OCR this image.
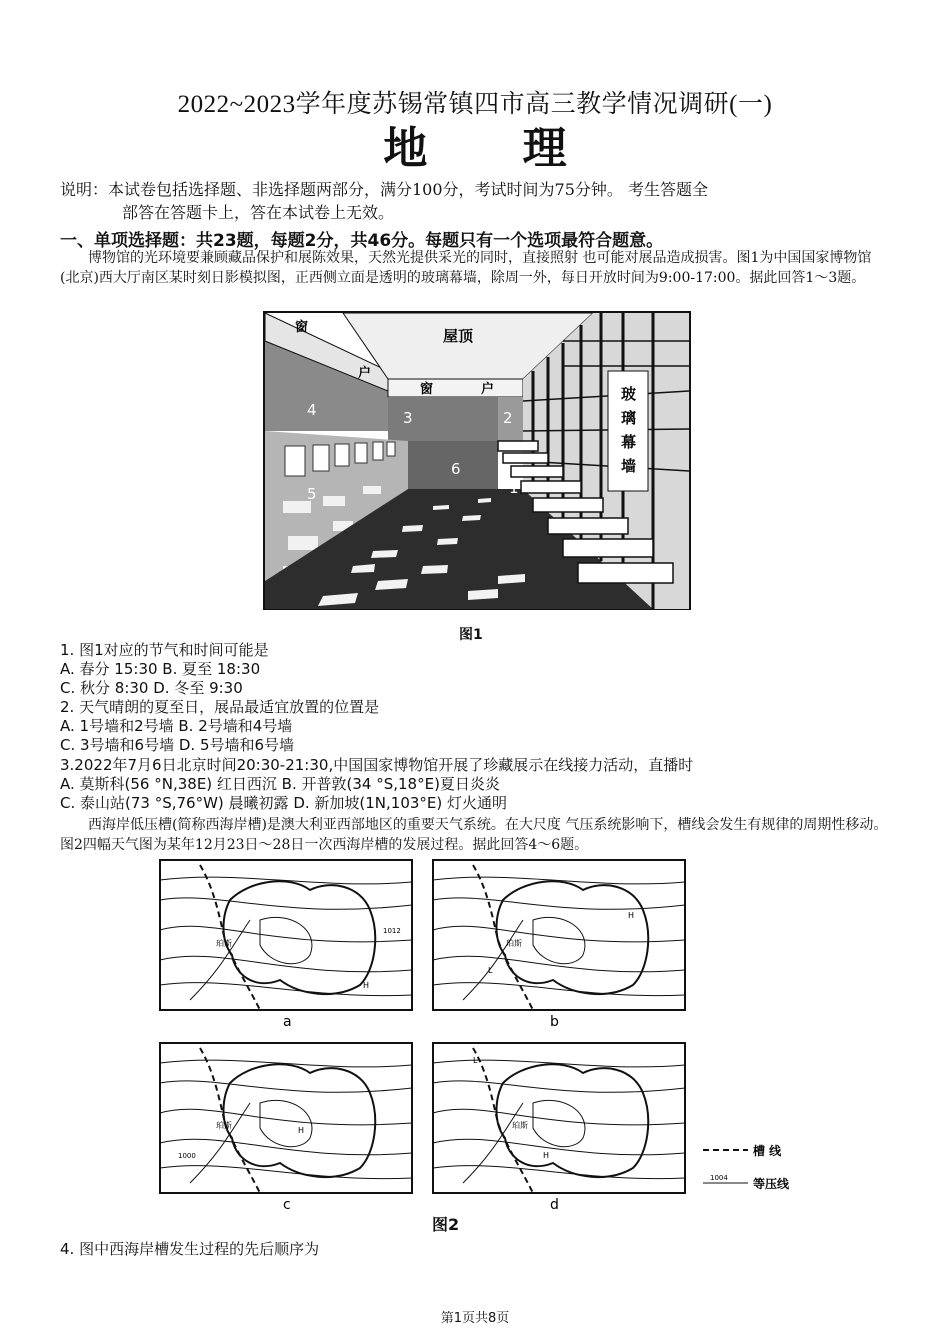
2022~2023学年度苏锡常镇四市高三教学情况调研(一)
地 理
说明：本试卷包括选择题、非选择题两部分，满分100分，考试时间为75分钟。 考生答题全
部答在答题卡上，答在本试卷上无效。
一、单项选择题：共23题，每题2分，共46分。每题只有一个选项最符合题意。
博物馆的光环境要兼顾藏品保护和展陈效果，天然光提供采光的同时，直接照射 也可能对展品造成损害。图1为中国国家博物馆(北京)西大厅南区某时刻日影模拟图，正西侧立面是透明的玻璃幕墙，除周一外，每日开放时间为9:00-17:00。据此回答1～3题。
屋顶
窗
户
窗	户
4	3	2
6
5	1
玻
璃
幕
墙
图1
1. 图1对应的节气和时间可能是
A. 春分 15:30 B. 夏至 18:30
C. 秋分 8:30 D. 冬至 9:30
2. 天气晴朗的夏至日，展品最适宜放置的位置是
A. 1号墙和2号墙 B. 2号墙和4号墙
C. 3号墙和6号墙 D. 5号墙和6号墙
3.2022年7月6日北京时间20:30-21:30,中国国家博物馆开展了珍藏展示在线接力活动，直播时
A. 莫斯科(56 °N,38E) 红日西沉 B. 开普敦(34 °S,18°E)夏日炎炎
C. 泰山站(73 °S,76°W) 晨曦初露 D. 新加坡(1N,103°E) 灯火通明
西海岸低压槽(简称西海岸槽)是澳大利亚西部地区的重要天气系统。在大尺度 气压系统影响下，槽线会发生有规律的周期性移动。图2四幅天气图为某年12月23日～28日一次西海岸槽的发展过程。据此回答4～6题。
a
珀斯
H
1012
b
珀斯
H
L
c
珀斯
H
1000
d
珀斯
H
L
槽 线
1004 等压线
图2
4. 图中西海岸槽发生过程的先后顺序为
第1页共8页
